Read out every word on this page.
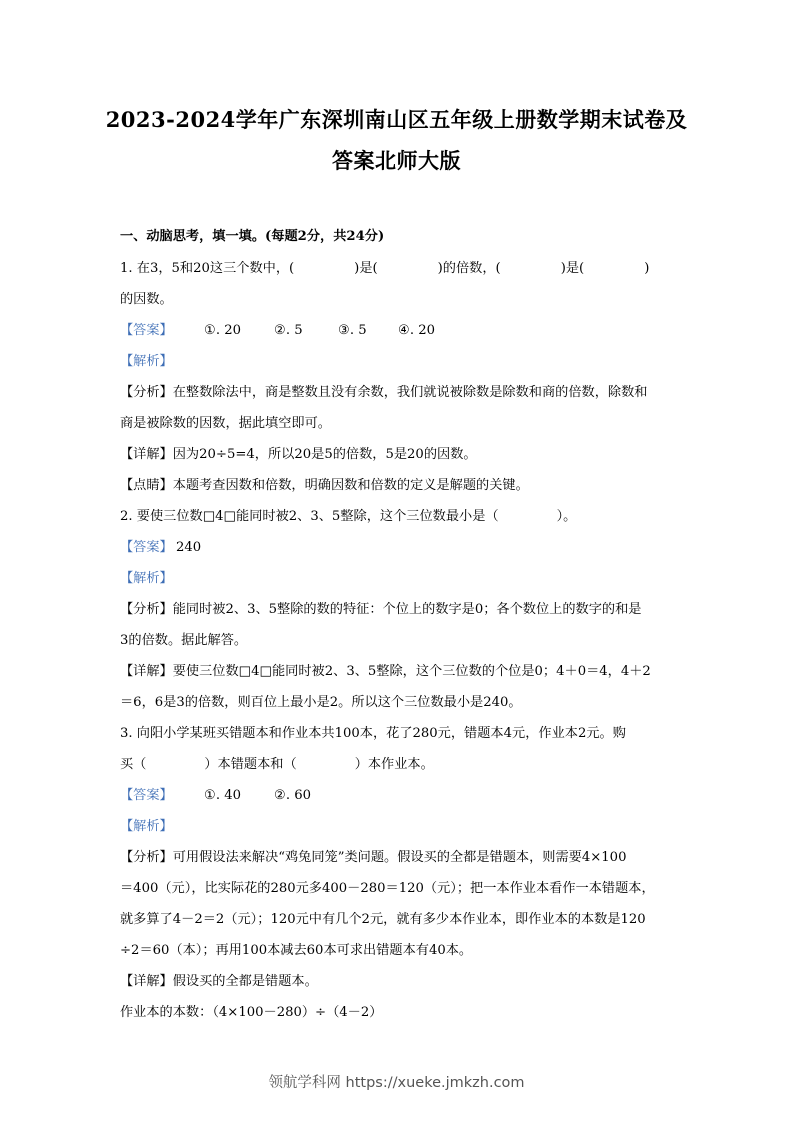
2023-2024学年广东深圳南山区五年级上册数学期末试卷及
答案北师大版
一、动脑思考，填一填。(每题2分，共24分)
1. 在3，5和20这三个数中，(	)是(	)的倍数，(	)是(	)
的因数。
【答案】 ①. 20	②. 5	③. 5 ④. 20
【解析】
【分析】在整数除法中，商是整数且没有余数，我们就说被除数是除数和商的倍数，除数和
商是被除数的因数，据此填空即可。
【详解】因为20÷5=4，所以20是5的倍数，5是20的因数。
【点睛】本题考查因数和倍数，明确因数和倍数的定义是解题的关键。
2. 要使三位数□4□能同时被2、3、5整除，这个三位数最小是（	）。
【答案】 240
【解析】
【分析】能同时被2、3、5整除的数的特征：个位上的数字是0；各个数位上的数字的和是
3的倍数。据此解答。
【详解】要使三位数□4□能同时被2、3、5整除，这个三位数的个位是0；4＋0＝4，4＋2
＝6，6是3的倍数，则百位上最小是2。所以这个三位数最小是240。
3. 向阳小学某班买错题本和作业本共100本，花了280元，错题本4元，作业本2元。购
买（	）本错题本和（	）本作业本。
【答案】 ①. 40	②. 60
【解析】
【分析】可用假设法来解决“鸡兔同笼”类问题。假设买的全都是错题本，则需要4×100
＝400（元），比实际花的280元多400－280＝120（元）；把一本作业本看作一本错题本，
就多算了4－2＝2（元）；120元中有几个2元，就有多少本作业本，即作业本的本数是120
÷2＝60（本）；再用100本减去60本可求出错题本有40本。
【详解】假设买的全都是错题本。
作业本的本数：（4×100－280）÷（4－2）
领航学科网 https://xueke.jmkzh.com
